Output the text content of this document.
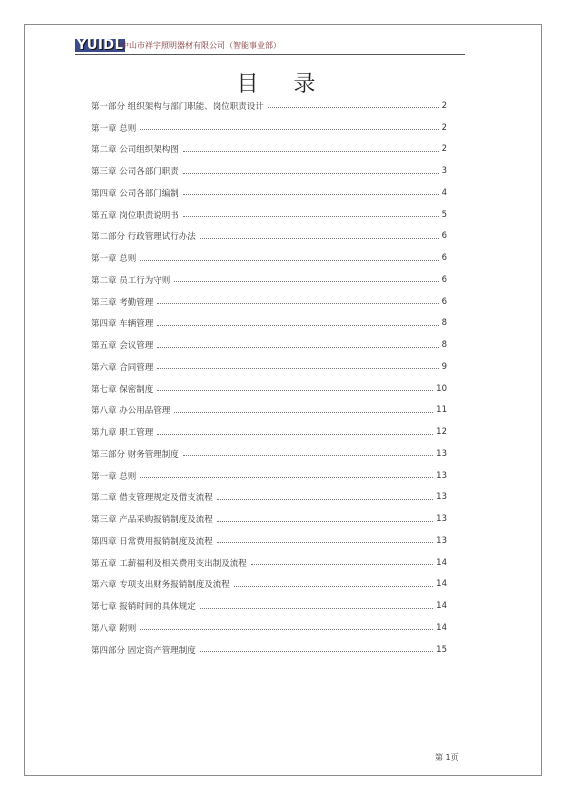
YUIDL
中山市祥宇照明器材有限公司（智能事业部）
目 录
第一部分 组织架构与部门职能、岗位职责设计	2
第一章 总则	2
第二章 公司组织架构图	2
第三章 公司各部门职责	3
第四章 公司各部门编制	4
第五章 岗位职责说明书	5
第二部分 行政管理试行办法	6
第一章 总则	6
第二章 员工行为守则	6
第三章 考勤管理	6
第四章 车辆管理	8
第五章 会议管理	8
第六章 合同管理	9
第七章 保密制度	10
第八章 办公用品管理	11
第九章 职工管理	12
第三部分 财务管理制度	13
第一章 总则	13
第二章 借支管理规定及借支流程	13
第三章 产品采购报销制度及流程	13
第四章 日常费用报销制度及流程	13
第五章 工薪福利及相关费用支出制及流程	14
第六章 专项支出财务报销制度及流程	14
第七章 报销时间的具体规定	14
第八章 附则	14
第四部分 固定资产管理制度	15
第 1页
